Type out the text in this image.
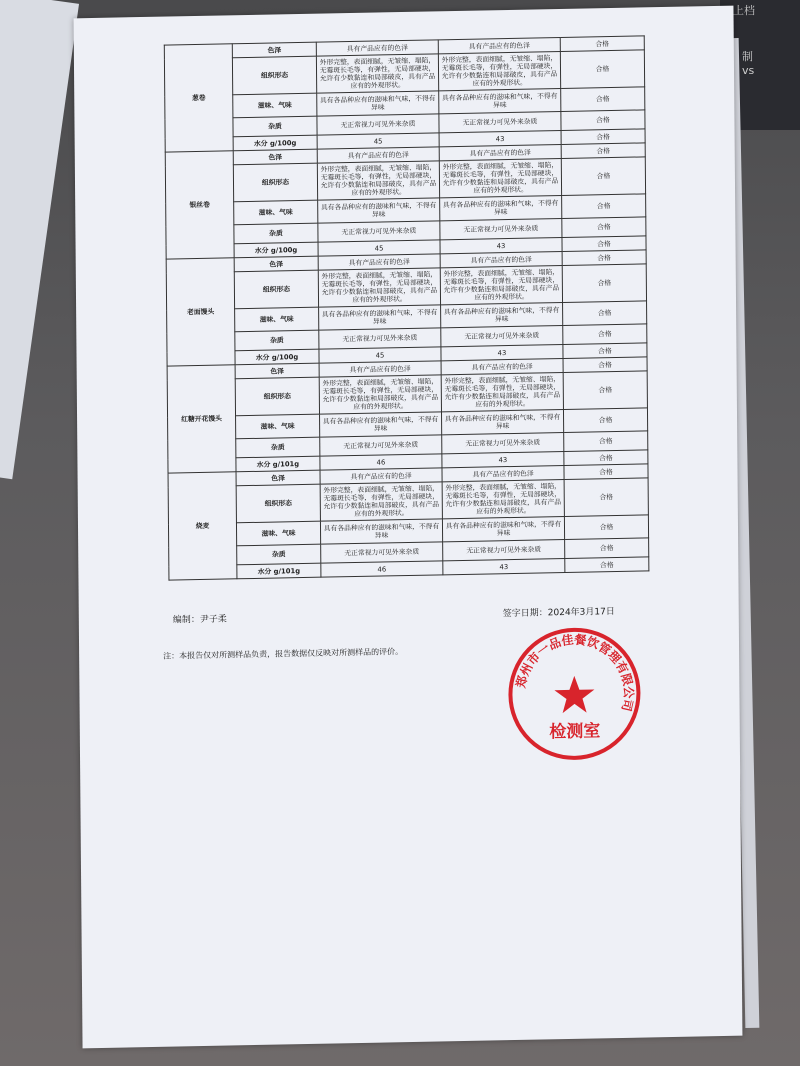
上档
制
vs
葱卷	色泽	具有产品应有的色泽	具有产品应有的色泽	合格
	组织形态	外形完整，表面细腻，无皱缩、塌陷，无霉斑长毛等，有弹性，无局部硬块，允许有少数黏连和局部破皮，具有产品应有的外观形状。	外形完整，表面细腻，无皱缩、塌陷，无霉斑长毛等，有弹性，无局部硬块，允许有少数黏连和局部破皮，具有产品应有的外观形状。	合格
	滋味、气味	具有各品种应有的滋味和气味，不得有异味	具有各品种应有的滋味和气味，不得有异味	合格
	杂质	无正常视力可见外来杂质	无正常视力可见外来杂质	合格
	水分 g/100g	45	43	合格
银丝卷	色泽	具有产品应有的色泽	具有产品应有的色泽	合格
	组织形态	外形完整，表面细腻，无皱缩、塌陷，无霉斑长毛等，有弹性，无局部硬块，允许有少数黏连和局部破皮，具有产品应有的外观形状。	外形完整，表面细腻，无皱缩、塌陷，无霉斑长毛等，有弹性，无局部硬块，允许有少数黏连和局部破皮，具有产品应有的外观形状。	合格
	滋味、气味	具有各品种应有的滋味和气味，不得有异味	具有各品种应有的滋味和气味，不得有异味	合格
	杂质	无正常视力可见外来杂质	无正常视力可见外来杂质	合格
	水分 g/100g	45	43	合格
老面馒头	色泽	具有产品应有的色泽	具有产品应有的色泽	合格
	组织形态	外形完整，表面细腻，无皱缩、塌陷，无霉斑长毛等，有弹性，无局部硬块，允许有少数黏连和局部破皮，具有产品应有的外观形状。	外形完整，表面细腻，无皱缩、塌陷，无霉斑长毛等，有弹性，无局部硬块，允许有少数黏连和局部破皮，具有产品应有的外观形状。	合格
	滋味、气味	具有各品种应有的滋味和气味，不得有异味	具有各品种应有的滋味和气味，不得有异味	合格
	杂质	无正常视力可见外来杂质	无正常视力可见外来杂质	合格
	水分 g/100g	45	43	合格
红糖开花馒头	色泽	具有产品应有的色泽	具有产品应有的色泽	合格
	组织形态	外形完整，表面细腻，无皱缩、塌陷，无霉斑长毛等，有弹性，无局部硬块，允许有少数黏连和局部破皮，具有产品应有的外观形状。	外形完整，表面细腻，无皱缩、塌陷，无霉斑长毛等，有弹性，无局部硬块，允许有少数黏连和局部破皮，具有产品应有的外观形状。	合格
	滋味、气味	具有各品种应有的滋味和气味，不得有异味	具有各品种应有的滋味和气味，不得有异味	合格
	杂质	无正常视力可见外来杂质	无正常视力可见外来杂质	合格
	水分 g/101g	46	43	合格
烧麦	色泽	具有产品应有的色泽	具有产品应有的色泽	合格
	组织形态	外形完整，表面细腻，无皱缩、塌陷，无霉斑长毛等，有弹性，无局部硬块，允许有少数黏连和局部破皮，具有产品应有的外观形状。	外形完整，表面细腻，无皱缩、塌陷，无霉斑长毛等，有弹性，无局部硬块，允许有少数黏连和局部破皮，具有产品应有的外观形状。	合格
	滋味、气味	具有各品种应有的滋味和气味，不得有异味	具有各品种应有的滋味和气味，不得有异味	合格
	杂质	无正常视力可见外来杂质	无正常视力可见外来杂质	合格
	水分 g/101g	46	43	合格
编制：尹子柔
签字日期：2024年3月17日
注：本报告仅对所测样品负责，报告数据仅反映对所测样品的评价。
郑州市一品佳餐饮管理有限公司
检测室
